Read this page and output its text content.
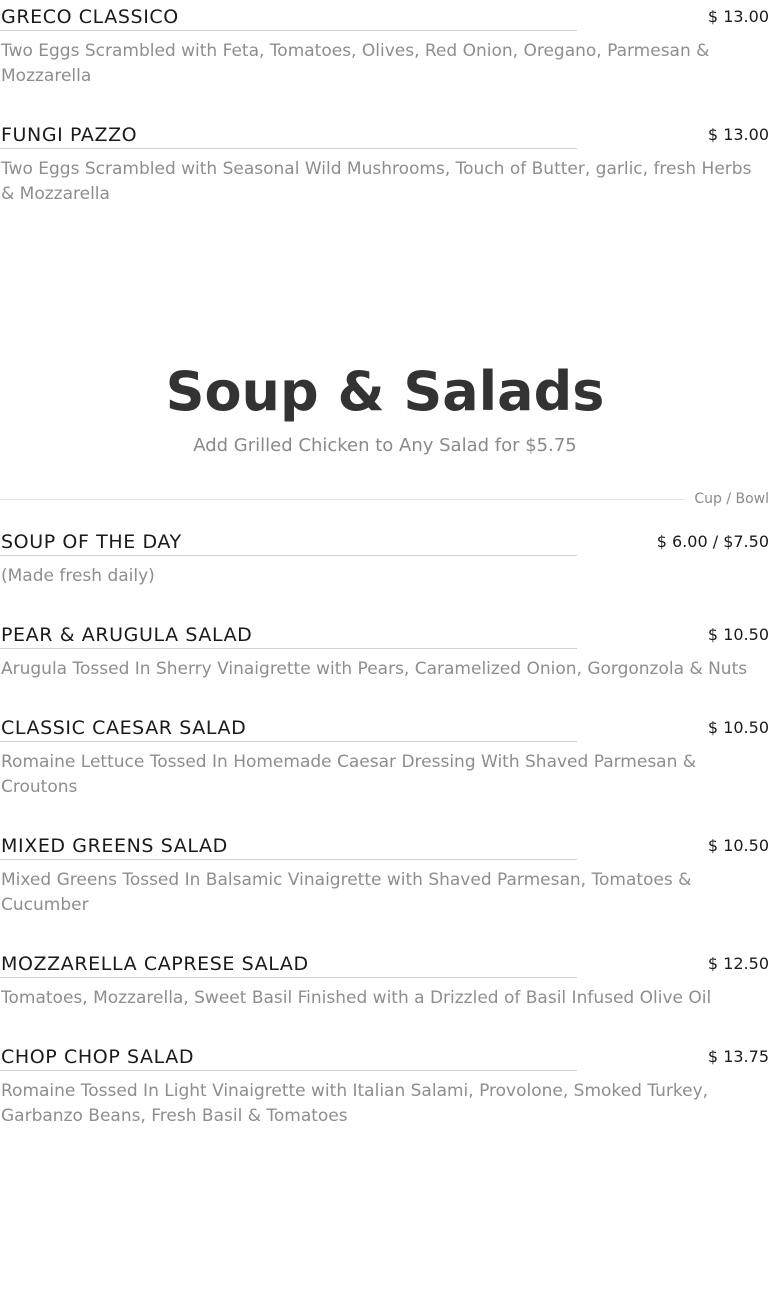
GRECO CLASSICO	$ 13.00
Two Eggs Scrambled with Feta, Tomatoes, Olives, Red Onion, Oregano, Parmesan & Mozzarella
FUNGI PAZZO	$ 13.00
Two Eggs Scrambled with Seasonal Wild Mushrooms, Touch of Butter, garlic, fresh Herbs & Mozzarella
Soup & Salads
Add Grilled Chicken to Any Salad for $5.75
Cup / Bowl
SOUP OF THE DAY	$ 6.00 / $7.50
(Made fresh daily)
PEAR & ARUGULA SALAD	$ 10.50
Arugula Tossed In Sherry Vinaigrette with Pears, Caramelized Onion, Gorgonzola & Nuts
CLASSIC CAESAR SALAD	$ 10.50
Romaine Lettuce Tossed In Homemade Caesar Dressing With Shaved Parmesan & Croutons
MIXED GREENS SALAD	$ 10.50
Mixed Greens Tossed In Balsamic Vinaigrette with Shaved Parmesan, Tomatoes & Cucumber
MOZZARELLA CAPRESE SALAD	$ 12.50
Tomatoes, Mozzarella, Sweet Basil Finished with a Drizzled of Basil Infused Olive Oil
CHOP CHOP SALAD	$ 13.75
Romaine Tossed In Light Vinaigrette with Italian Salami, Provolone, Smoked Turkey, Garbanzo Beans, Fresh Basil & Tomatoes
